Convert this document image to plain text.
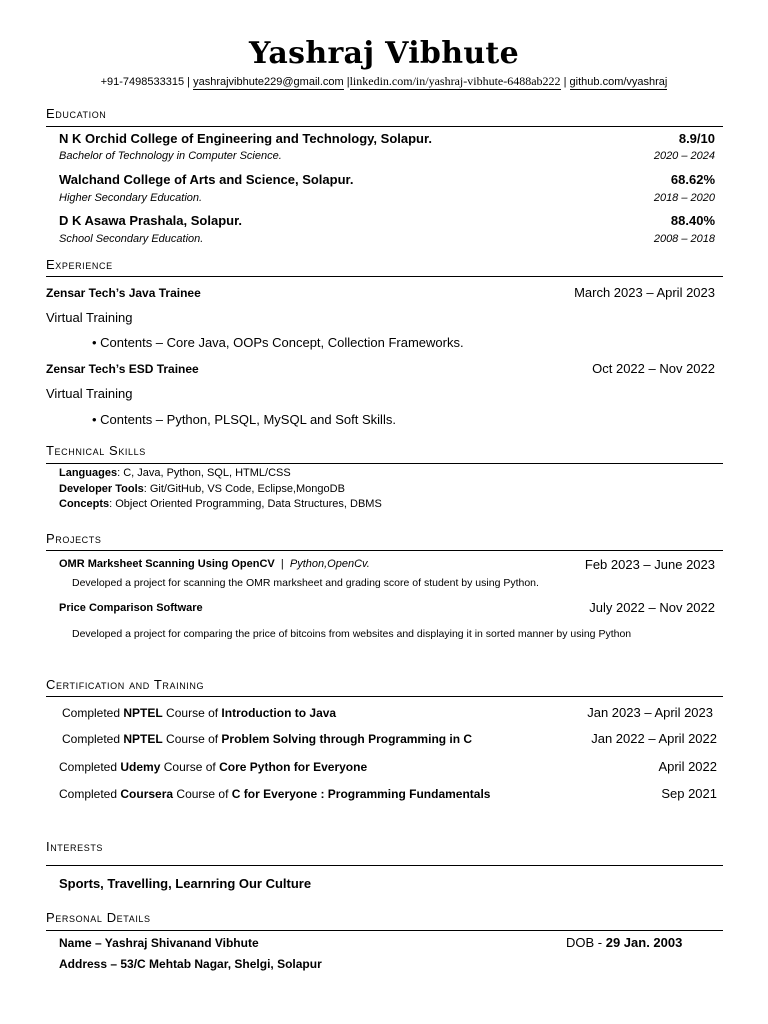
Yashraj Vibhute
+91-7498533315 | yashrajvibhute229@gmail.com |linkedin.com/in/yashraj-vibhute-6488ab222 | github.com/vyashraj
Education
N K Orchid College of Engineering and Technology, Solapur.	8.9/10
Bachelor of Technology in Computer Science.	2020 – 2024
Walchand College of Arts and Science, Solapur.	68.62%
Higher Secondary Education.	2018 – 2020
D K Asawa Prashala, Solapur.	88.40%
School Secondary Education.	2008 – 2018
Experience
Zensar Tech’s Java Trainee	March 2023 – April 2023
Virtual Training
• Contents – Core Java, OOPs Concept, Collection Frameworks.
Zensar Tech’s ESD Trainee	Oct 2022 – Nov 2022
Virtual Training
• Contents – Python, PLSQL, MySQL and Soft Skills.
Technical Skills
Languages: C, Java, Python, SQL, HTML/CSS
Developer Tools: Git/GitHub, VS Code, Eclipse,MongoDB
Concepts: Object Oriented Programming, Data Structures, DBMS
Projects
OMR Marksheet Scanning Using OpenCV  |  Python,OpenCv.	Feb 2023 – June 2023
Developed a project for scanning the OMR marksheet and grading score of student by using Python.
Price Comparison Software	July 2022 – Nov 2022
Developed a project for comparing the price of bitcoins from websites and displaying it in sorted manner by using Python
Certification and Training
Completed NPTEL Course of Introduction to Java	Jan 2023 – April 2023
Completed NPTEL Course of Problem Solving through Programming in C	Jan 2022 – April 2022
Completed Udemy Course of Core Python for Everyone	April 2022
Completed Coursera Course of C for Everyone : Programming Fundamentals	Sep 2021
Interests
Sports, Travelling, Learnring Our Culture
Personal Details
Name – Yashraj Shivanand Vibhute	DOB - 29 Jan. 2003
Address – 53/C Mehtab Nagar, Shelgi, Solapur
